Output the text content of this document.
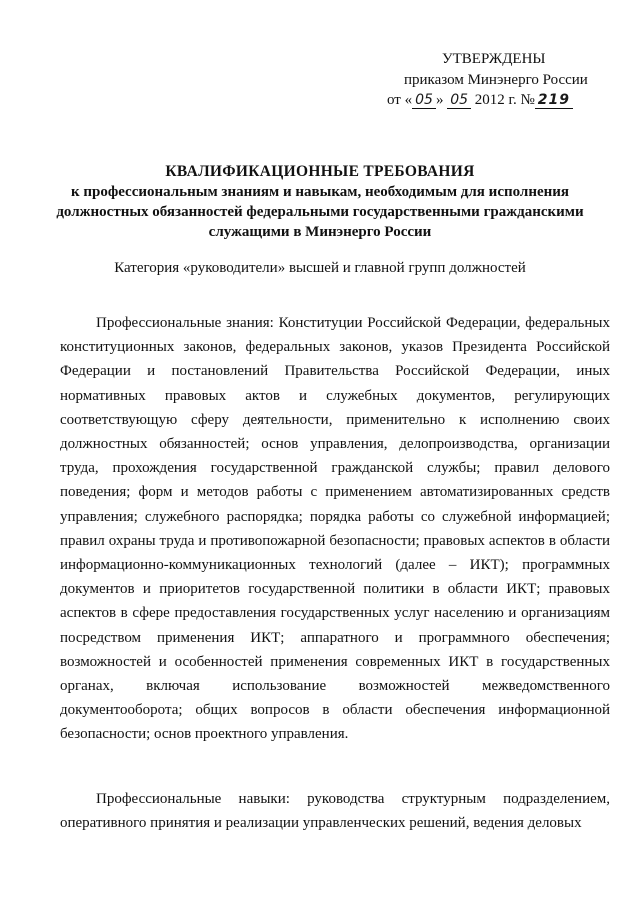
УТВЕРЖДЕНЫ
приказом Минэнерго России
от « 05 » 05 2012 г. № 219
КВАЛИФИКАЦИОННЫЕ ТРЕБОВАНИЯ
к профессиональным знаниям и навыкам, необходимым для исполнения должностных обязанностей федеральными государственными гражданскими служащими в Минэнерго России
Категория «руководители» высшей и главной групп должностей
Профессиональные знания: Конституции Российской Федерации, федеральных конституционных законов, федеральных законов, указов Президента Российской Федерации и постановлений Правительства Российской Федерации, иных нормативных правовых актов и служебных документов, регулирующих соответствующую сферу деятельности, применительно к исполнению своих должностных обязанностей; основ управления, делопроизводства, организации труда, прохождения государственной гражданской службы; правил делового поведения; форм и методов работы с применением автоматизированных средств управления; служебного распорядка; порядка работы со служебной информацией; правил охраны труда и противопожарной безопасности; правовых аспектов в области информационно-коммуникационных технологий (далее – ИКТ); программных документов и приоритетов государственной политики в области ИКТ; правовых аспектов в сфере предоставления государственных услуг населению и организациям посредством применения ИКТ; аппаратного и программного обеспечения; возможностей и особенностей применения современных ИКТ в государственных органах, включая использование возможностей межведомственного документооборота; общих вопросов в области обеспечения информационной безопасности; основ проектного управления.
Профессиональные навыки: руководства структурным подразделением, оперативного принятия и реализации управленческих решений, ведения деловых
